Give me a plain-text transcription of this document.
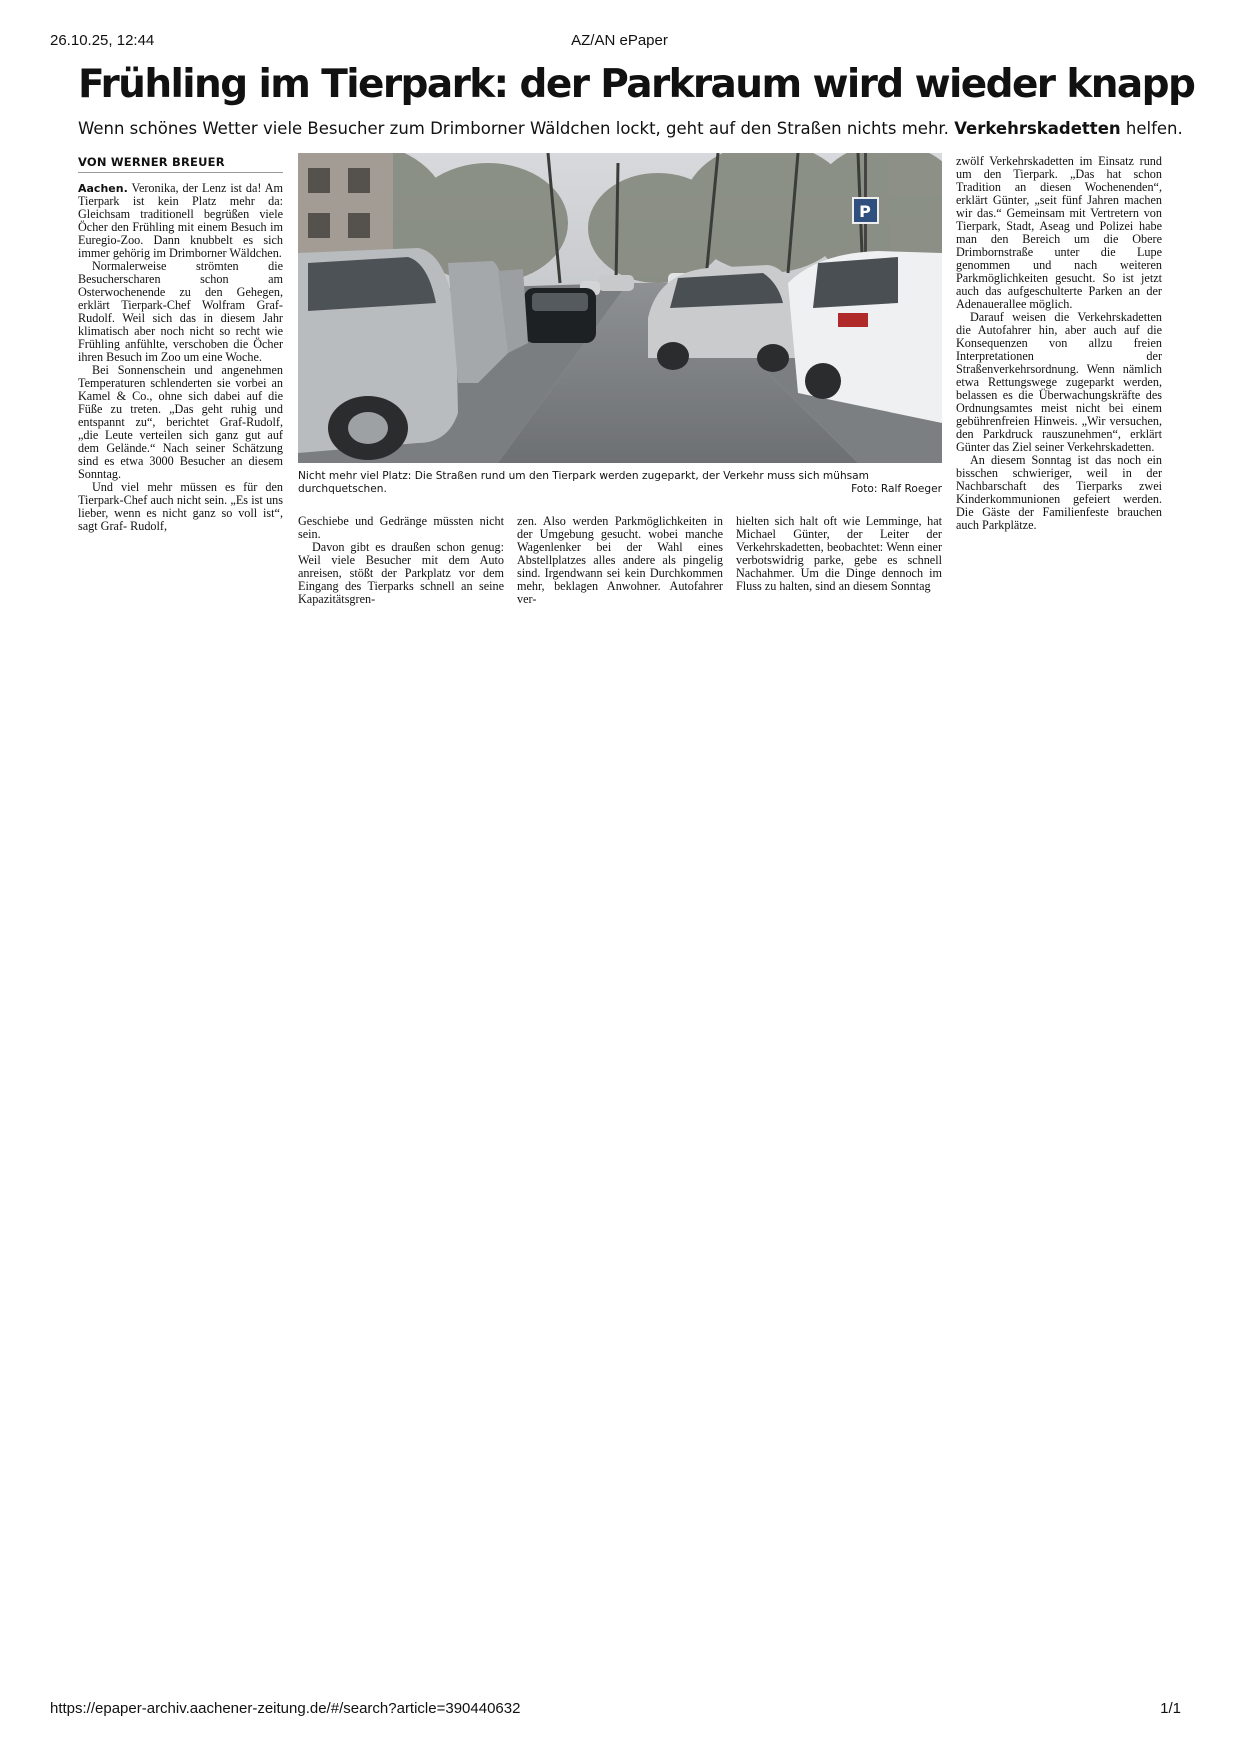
26.10.25, 12:44	AZ/AN ePaper
Frühling im Tierpark: der Parkraum wird wieder knapp
Wenn schönes Wetter viele Besucher zum Drimborner Wäldchen lockt, geht auf den Straßen nichts mehr. Verkehrskadetten helfen.
VON WERNER BREUER

Aachen. Veronika, der Lenz ist da! Am Tierpark ist kein Platz mehr da: Gleichsam traditionell begrüßen viele Öcher den Frühling mit einem Besuch im Euregio-Zoo. Dann knubbelt es sich immer gehörig im Drimborner Wäldchen.

Normalerweise strömten die Besucherscharen schon am Osterwochenende zu den Gehegen, erklärt Tierpark-Chef Wolfram Graf-Rudolf. Weil sich das in diesem Jahr klimatisch aber noch nicht so recht wie Frühling anfühlte, verschoben die Öcher ihren Besuch im Zoo um eine Woche.

Bei Sonnenschein und angenehmen Temperaturen schlenderten sie vorbei an Kamel & Co., ohne sich dabei auf die Füße zu treten. „Das geht ruhig und entspannt zu“, berichtet Graf-Rudolf, „die Leute verteilen sich ganz gut auf dem Gelände.“ Nach seiner Schätzung sind es etwa 3000 Besucher an diesem Sonntag.

Und viel mehr müssen es für den Tierpark-Chef auch nicht sein. „Es ist uns lieber, wenn es nicht ganz so voll ist“, sagt Graf- Rudolf,

P
Nicht mehr viel Platz: Die Straßen rund um den Tierpark werden zugeparkt, der Verkehr muss sich mühsam durchquetschen.	Foto: Ralf Roeger

Geschiebe und Gedränge müssten nicht sein.

Davon gibt es draußen schon genug: Weil viele Besucher mit dem Auto anreisen, stößt der Parkplatz vor dem Eingang des Tierparks schnell an seine Kapazitätsgren-

zen. Also werden Parkmöglichkeiten in der Umgebung gesucht. wobei manche Wagenlenker bei der Wahl eines Abstellplatzes alles andere als pingelig sind. Irgendwann sei kein Durchkommen mehr, beklagen Anwohner. Autofahrer ver-

hielten sich halt oft wie Lemminge, hat Michael Günter, der Leiter der Verkehrskadetten, beobachtet: Wenn einer verbotswidrig parke, gebe es schnell Nachahmer. Um die Dinge dennoch im Fluss zu halten, sind an diesem Sonntag

zwölf Verkehrskadetten im Einsatz rund um den Tierpark. „Das hat schon Tradition an diesen Wochenenden“, erklärt Günter, „seit fünf Jahren machen wir das.“ Gemeinsam mit Vertretern von Tierpark, Stadt, Aseag und Polizei habe man den Bereich um die Obere Drimbornstraße unter die Lupe genommen und nach weiteren Parkmöglichkeiten gesucht. So ist jetzt auch das aufgeschulterte Parken an der Adenauerallee möglich.

Darauf weisen die Verkehrskadetten die Autofahrer hin, aber auch auf die Konsequenzen von allzu freien Interpretationen der Straßenverkehrsordnung. Wenn nämlich etwa Rettungswege zugeparkt werden, belassen es die Überwachungskräfte des Ordnungsamtes meist nicht bei einem gebührenfreien Hinweis. „Wir versuchen, den Parkdruck rauszunehmen“, erklärt Günter das Ziel seiner Verkehrskadetten.

An diesem Sonntag ist das noch ein bisschen schwieriger, weil in der Nachbarschaft des Tierparks zwei Kinderkommunionen gefeiert werden. Die Gäste der Familienfeste brauchen auch Parkplätze.

https://epaper-archiv.aachener-zeitung.de/#/search?article=390440632	1/1
